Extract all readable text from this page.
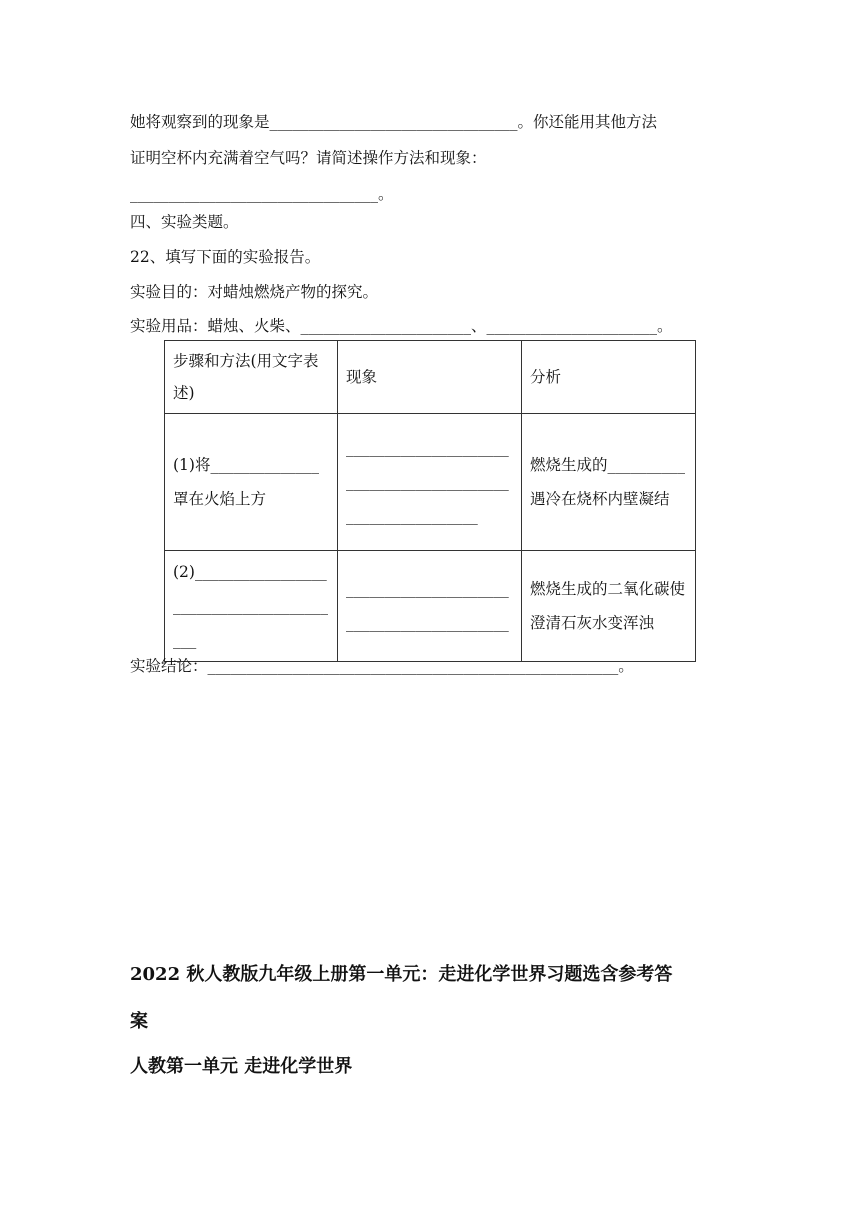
她将观察到的现象是________________________________。你还能用其他方法
证明空杯内充满着空气吗？请简述操作方法和现象：
________________________________。
四、实验类题。
22、填写下面的实验报告。
实验目的：对蜡烛燃烧产物的探究。
实验用品：蜡烛、火柴、______________________、______________________。
步骤和方法(用文字表述)	现象	分析

(1)将______________罩在火焰上方	___________________________________________________________	燃烧生成的__________遇冷在烧杯内壁凝结

(2)________________________________________	__________________________________________	燃烧生成的二氧化碳使澄清石灰水变浑浊
实验结论：_____________________________________________________。
2022 秋人教版九年级上册第一单元：走进化学世界习题选含参考答
案
人教第一单元 走进化学世界
